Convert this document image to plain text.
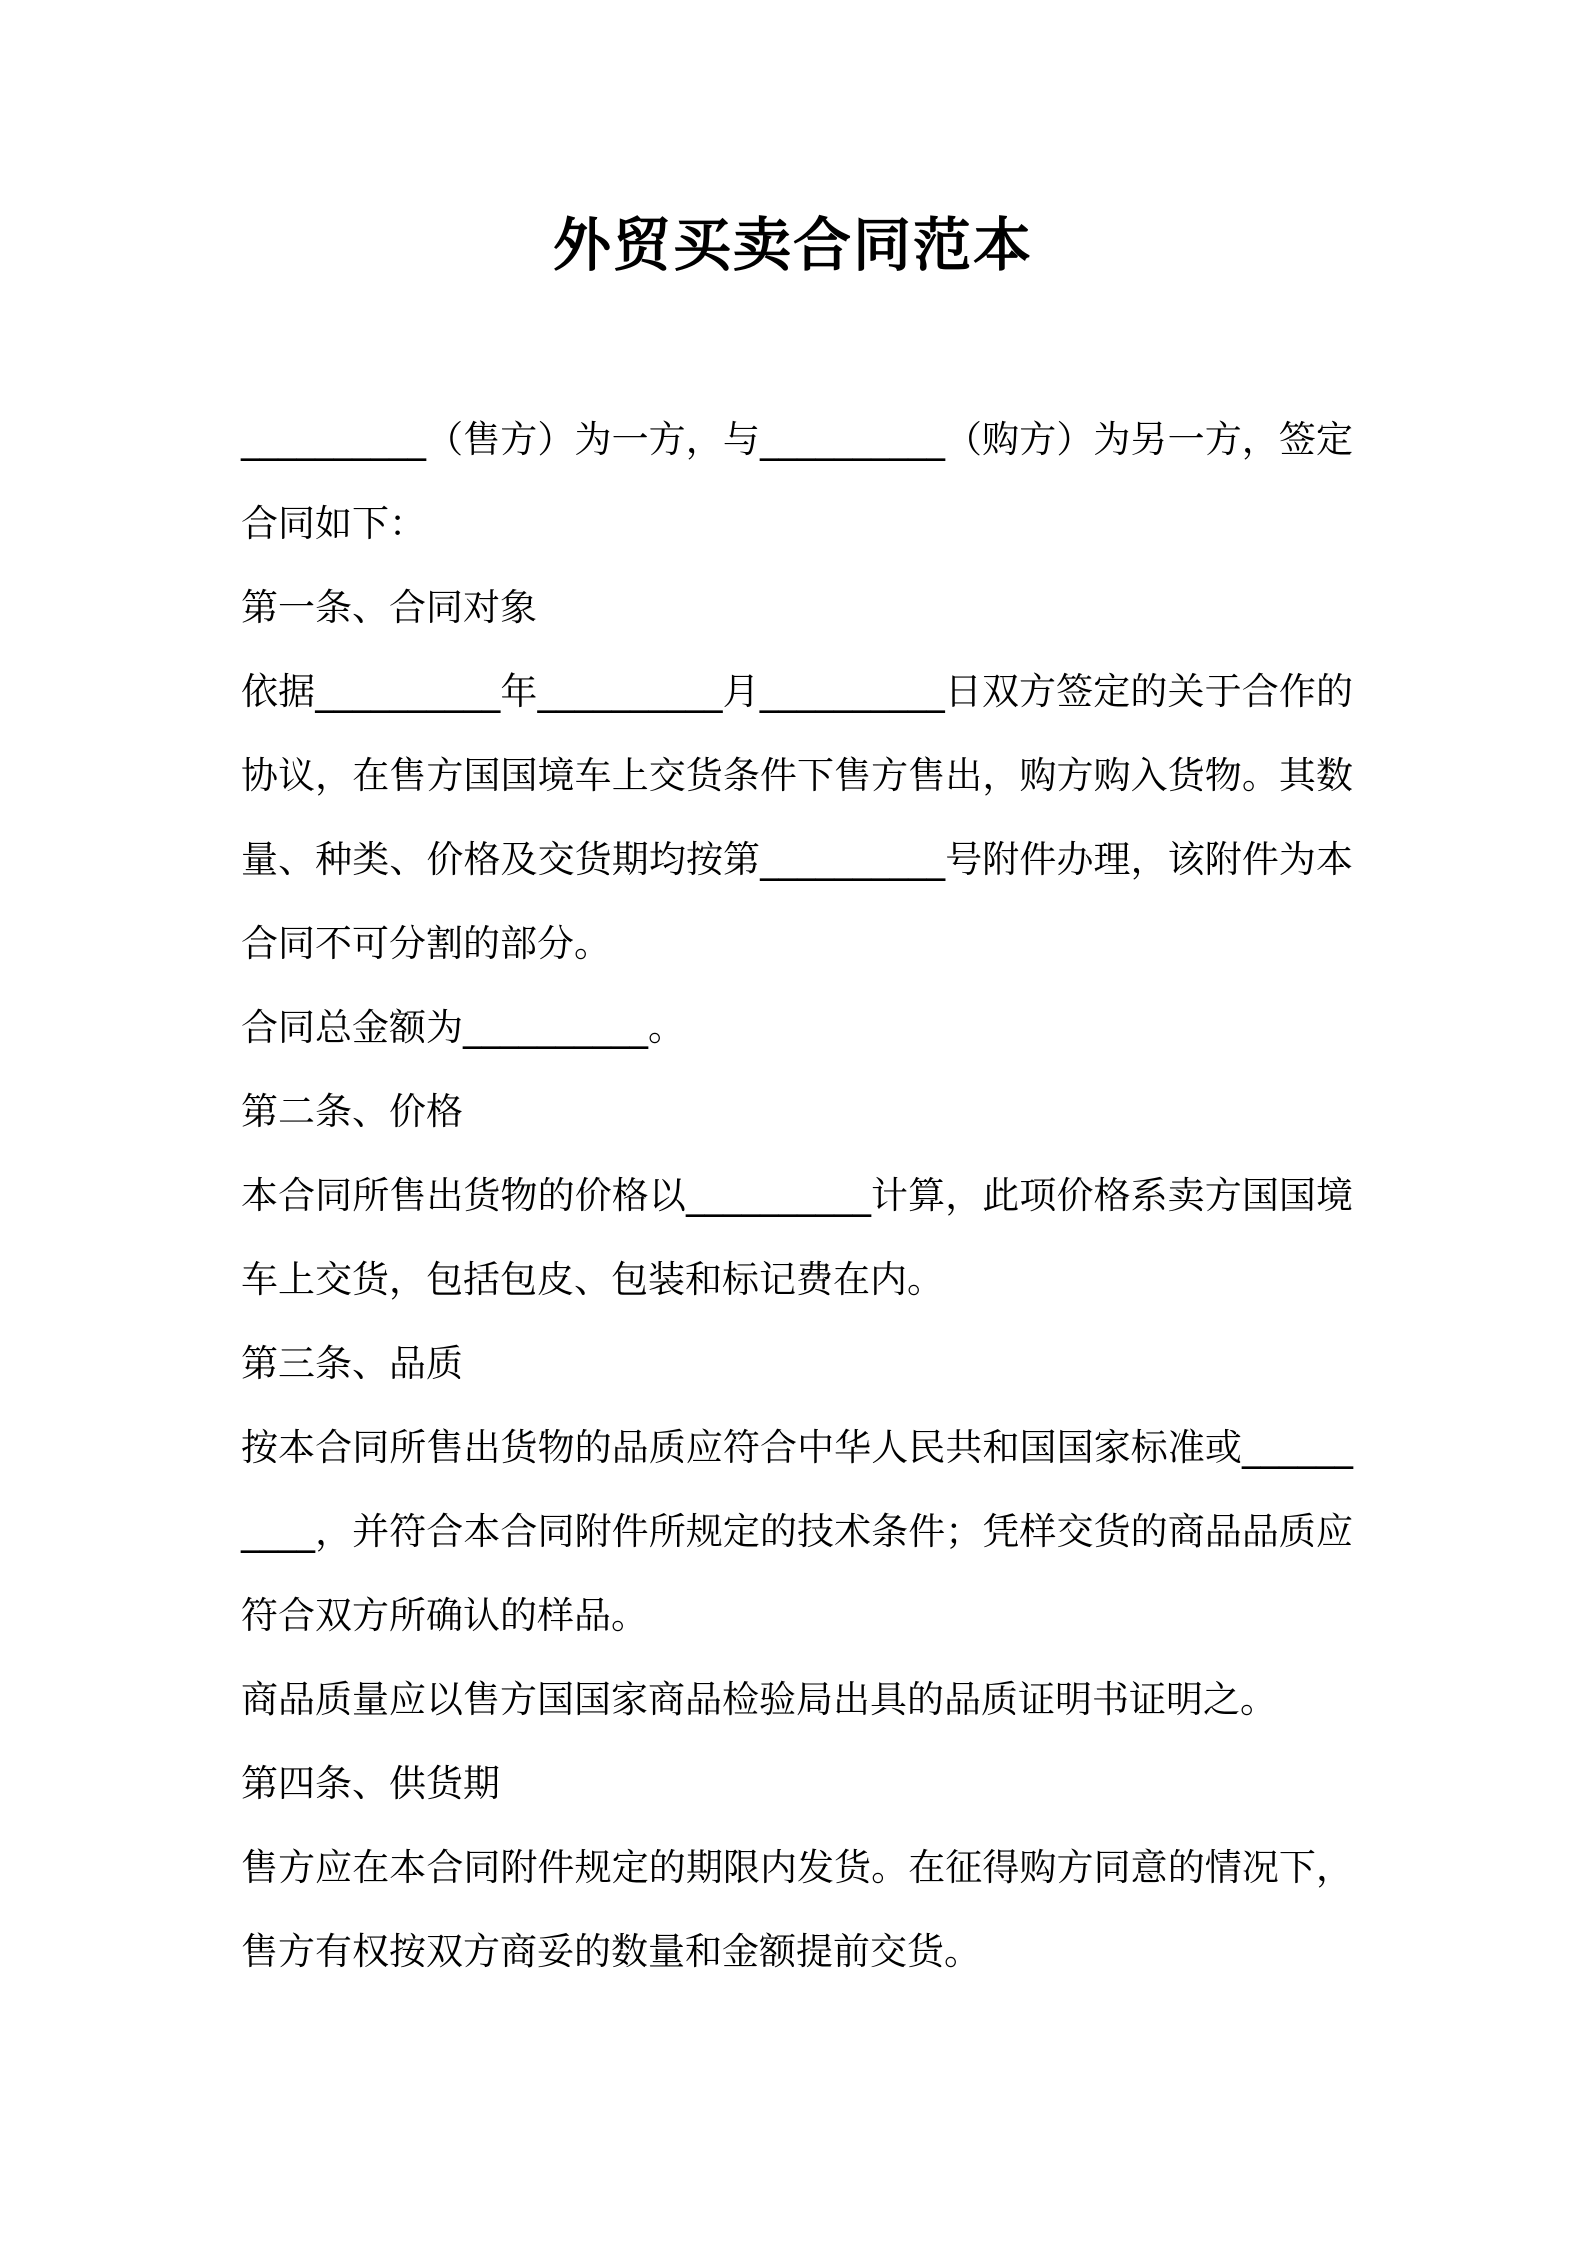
外贸买卖合同范本

__________（售方）为一方，与__________（购方）为另一方，签定合同如下：

第一条、合同对象

依据__________年__________月__________日双方签定的关于合作的协议，在售方国国境车上交货条件下售方售出，购方购入货物。其数量、种类、价格及交货期均按第__________号附件办理，该附件为本合同不可分割的部分。

合同总金额为__________。

第二条、价格

本合同所售出货物的价格以__________计算，此项价格系卖方国国境车上交货，包括包皮、包装和标记费在内。

第三条、品质

按本合同所售出货物的品质应符合中华人民共和国国家标准或__________，并符合本合同附件所规定的技术条件；凭样交货的商品品质应符合双方所确认的样品。

商品质量应以售方国国家商品检验局出具的品质证明书证明之。

第四条、供货期

售方应在本合同附件规定的期限内发货。在征得购方同意的情况下，售方有权按双方商妥的数量和金额提前交货。
